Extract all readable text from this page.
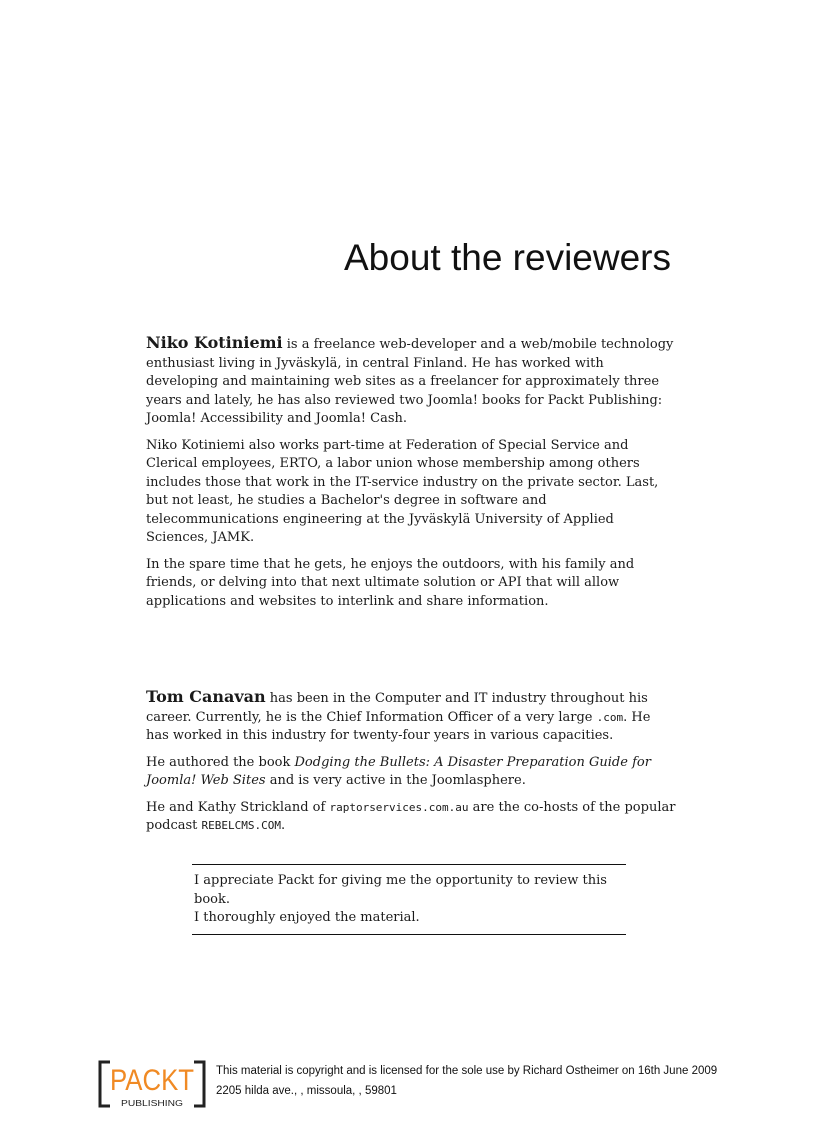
About the reviewers

Niko Kotiniemi is a freelance web-developer and a web/mobile technology enthusiast living in Jyväskylä, in central Finland. He has worked with developing and maintaining web sites as a freelancer for approximately three years and lately, he has also reviewed two Joomla! books for Packt Publishing: Joomla! Accessibility and Joomla! Cash.

Niko Kotiniemi also works part-time at Federation of Special Service and Clerical employees, ERTO, a labor union whose membership among others includes those that work in the IT-service industry on the private sector. Last, but not least, he studies a Bachelor's degree in software and telecommunications engineering at the Jyväskylä University of Applied Sciences, JAMK.

In the spare time that he gets, he enjoys the outdoors, with his family and friends, or delving into that next ultimate solution or API that will allow applications and websites to interlink and share information.

Tom Canavan has been in the Computer and IT industry throughout his career. Currently, he is the Chief Information Officer of a very large .com. He has worked in this industry for twenty-four years in various capacities.

He authored the book Dodging the Bullets: A Disaster Preparation Guide for Joomla! Web Sites and is very active in the Joomlasphere.

He and Kathy Strickland of raptorservices.com.au are the co-hosts of the popular podcast REBELCMS.COM.

I appreciate Packt for giving me the opportunity to review this book.
I thoroughly enjoyed the material.
PACKT
PUBLISHING
This material is copyright and is licensed for the sole use by Richard Ostheimer on 16th June 2009
2205 hilda ave., , missoula, , 59801
